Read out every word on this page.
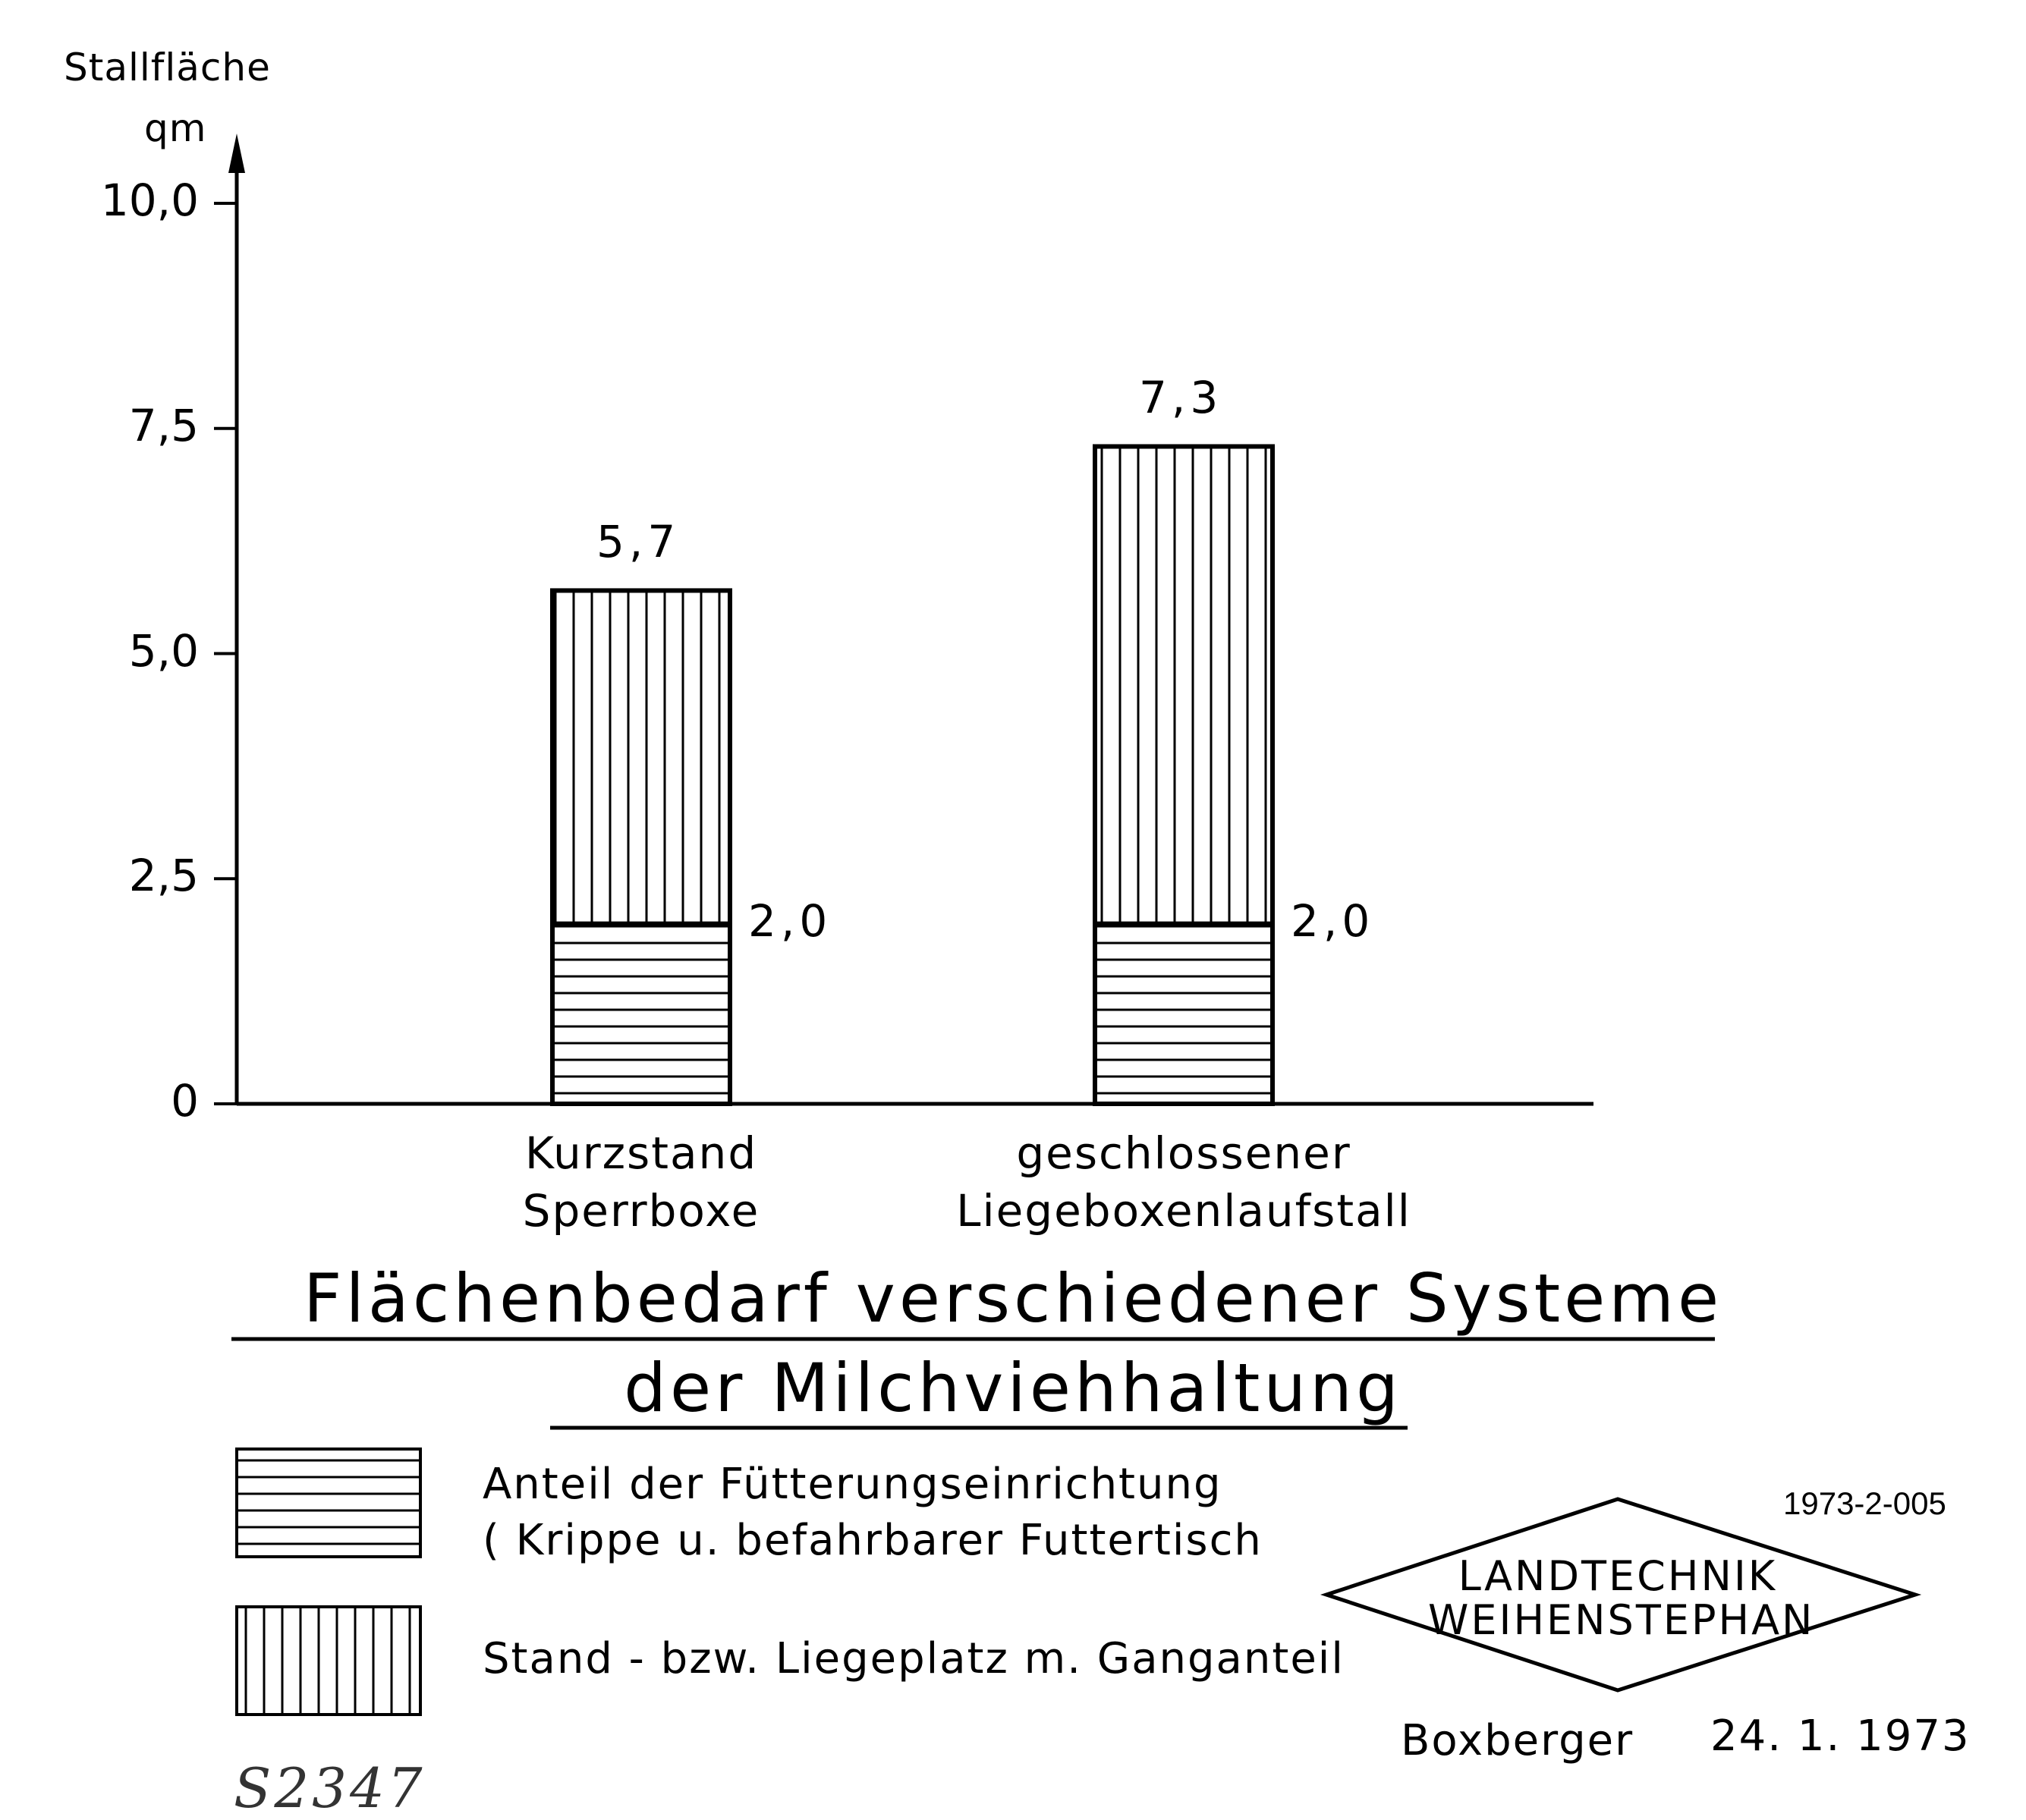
Stallfläche
qm
0
2,5
5,0
7,5
10,0
5,7
2,0
7,3
2,0
Kurzstand
Sperrboxe
geschlossener
Liegeboxenlaufstall
Flächenbedarf verschiedener Systeme
der Milchviehhaltung
Anteil der Fütterungseinrichtung
( Krippe u. befahrbarer Futtertisch
Stand - bzw. Liegeplatz m. Ganganteil
1973-2-005
LANDTECHNIK
WEIHENSTEPHAN
Boxberger 24. 1. 1973
S2347
